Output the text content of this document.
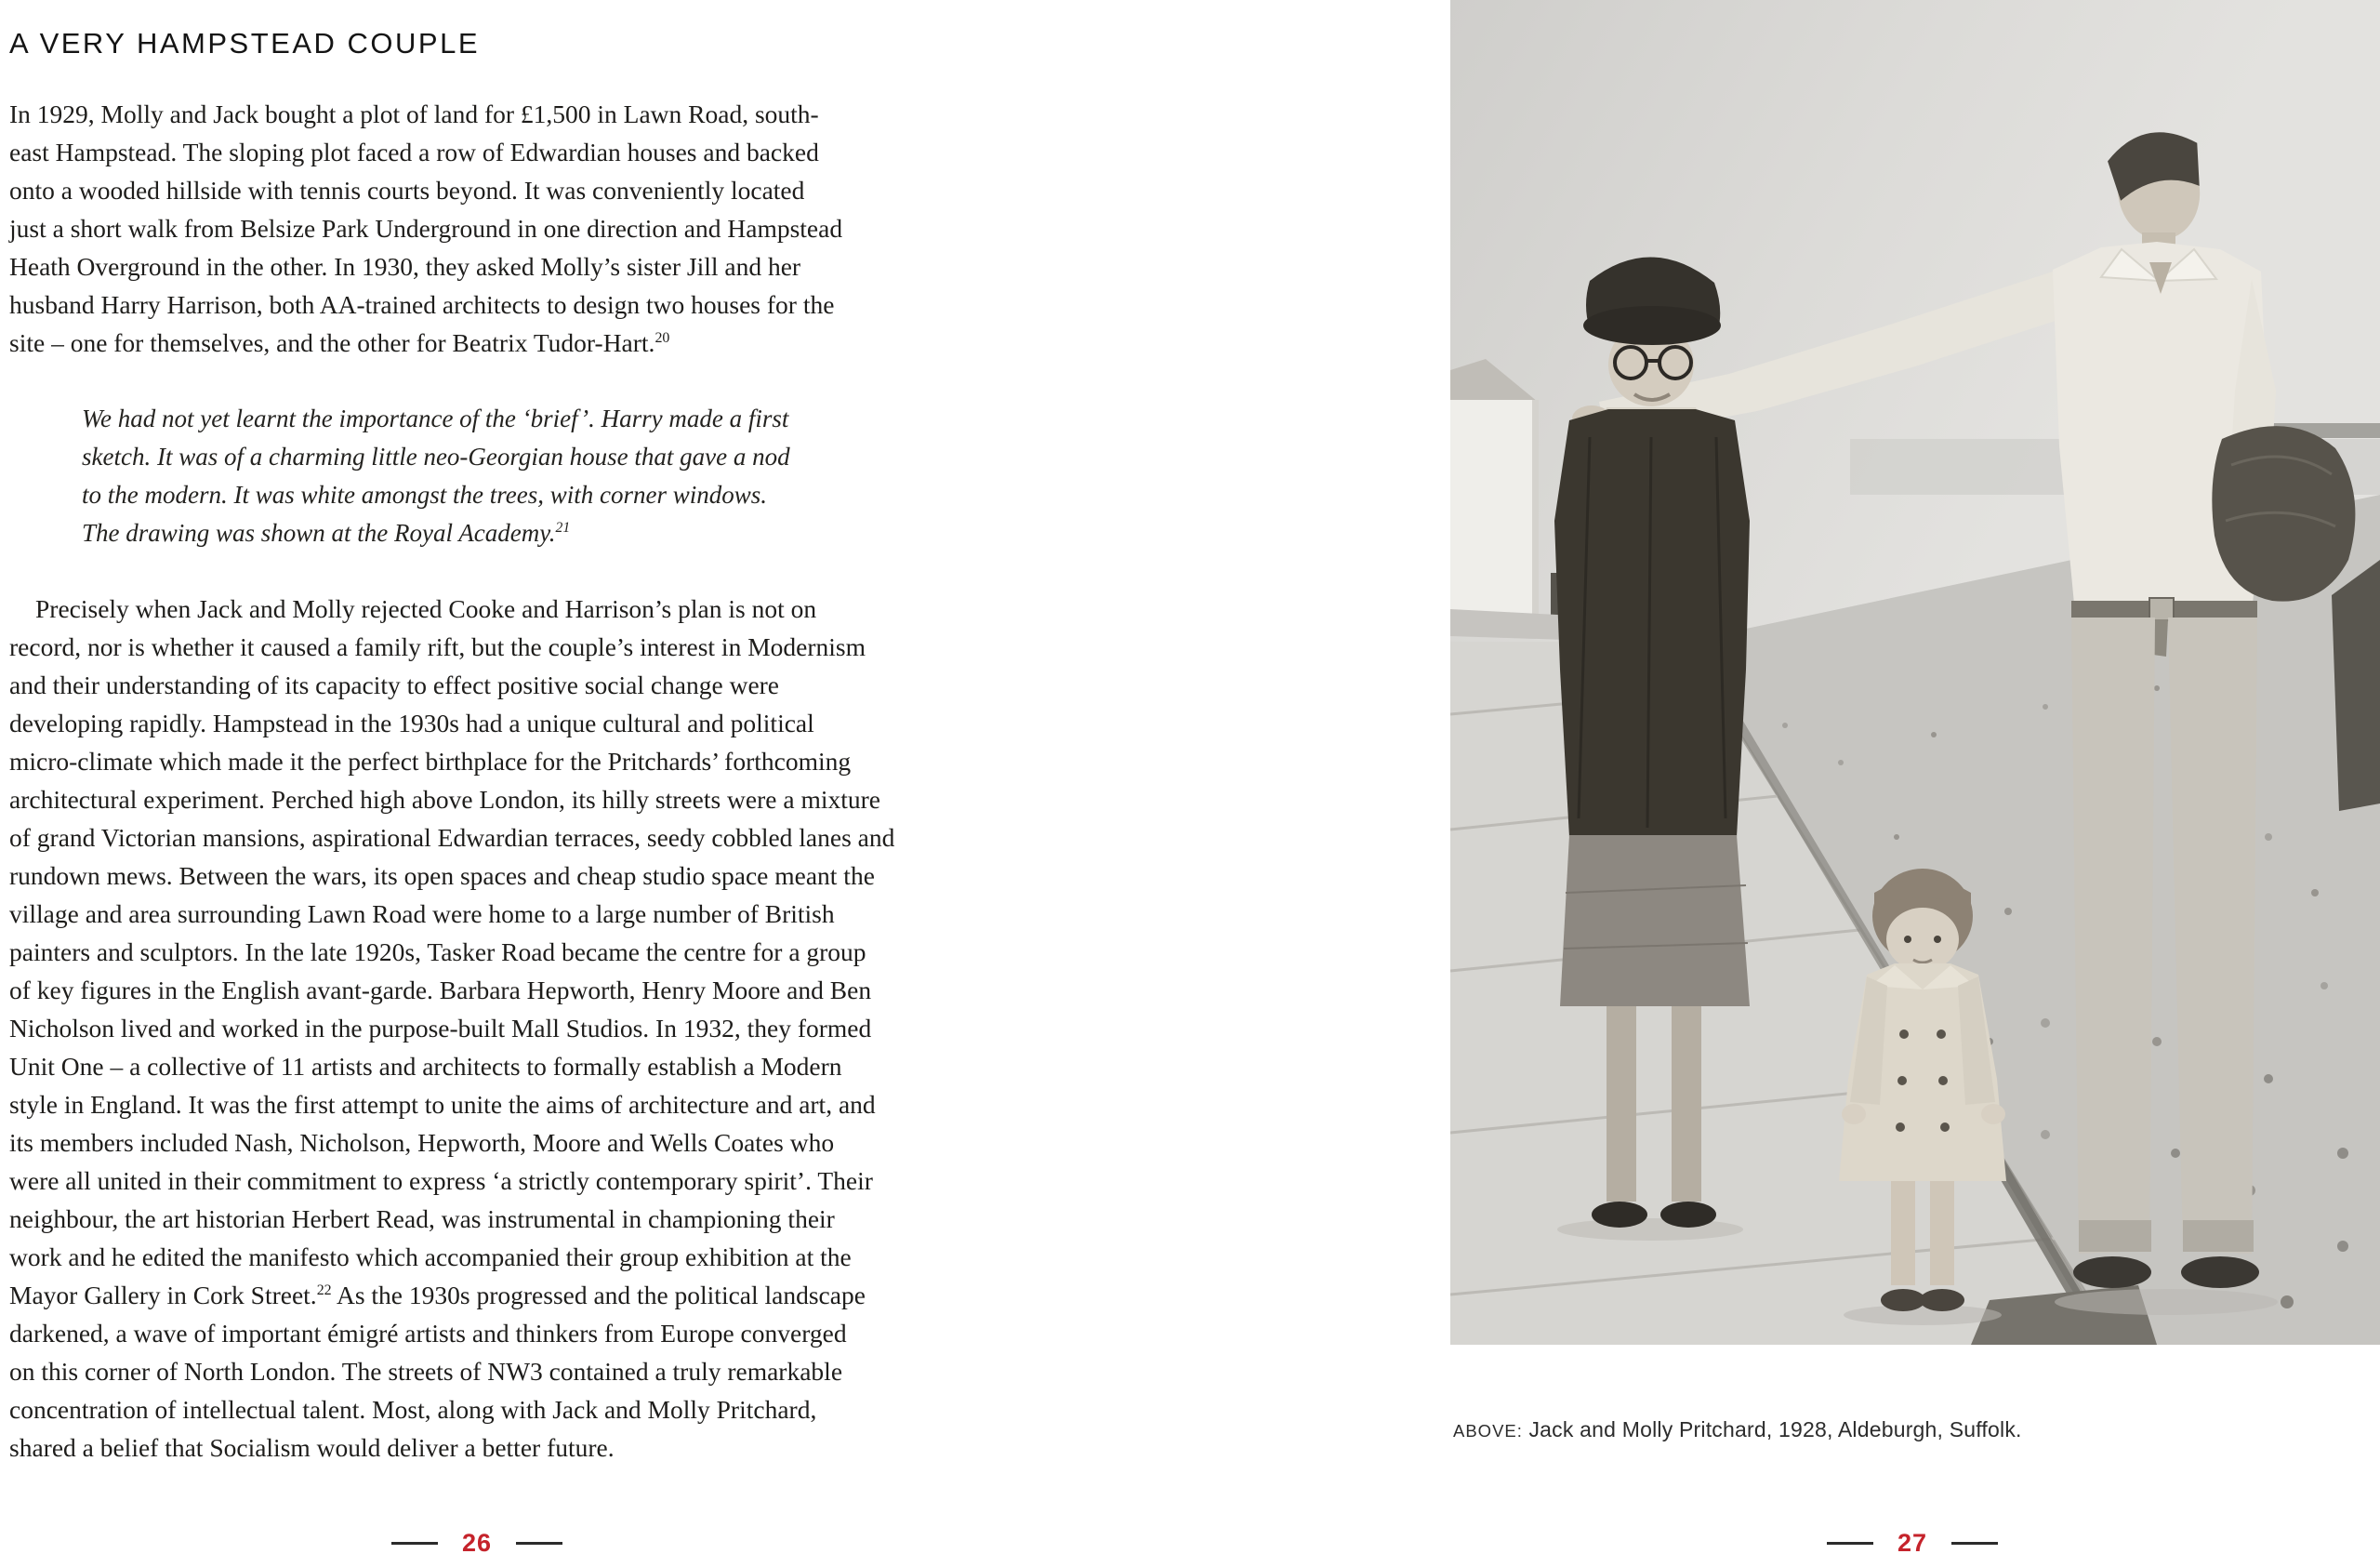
A VERY HAMPSTEAD COUPLE
In 1929, Molly and Jack bought a plot of land for £1,500 in Lawn Road, south-
east Hampstead. The sloping plot faced a row of Edwardian houses and backed
onto a wooded hillside with tennis courts beyond. It was conveniently located
just a short walk from Belsize Park Underground in one direction and Hampstead
Heath Overground in the other. In 1930, they asked Molly’s sister Jill and her
husband Harry Harrison, both AA-trained architects to design two houses for the
site – one for themselves, and the other for Beatrix Tudor-Hart.$^{20}$
We had not yet learnt the importance of the ‘brief’. Harry made a first
sketch. It was of a charming little neo-Georgian house that gave a nod
to the modern. It was white amongst the trees, with corner windows.
The drawing was shown at the Royal Academy.$^{21}$
Precisely when Jack and Molly rejected Cooke and Harrison’s plan is not on
record, nor is whether it caused a family rift, but the couple’s interest in Modernism
and their understanding of its capacity to effect positive social change were
developing rapidly. Hampstead in the 1930s had a unique cultural and political
micro-climate which made it the perfect birthplace for the Pritchards’ forthcoming
architectural experiment. Perched high above London, its hilly streets were a mixture
of grand Victorian mansions, aspirational Edwardian terraces, seedy cobbled lanes and
rundown mews. Between the wars, its open spaces and cheap studio space meant the
village and area surrounding Lawn Road were home to a large number of British
painters and sculptors. In the late 1920s, Tasker Road became the centre for a group
of key figures in the English avant-garde. Barbara Hepworth, Henry Moore and Ben
Nicholson lived and worked in the purpose-built Mall Studios. In 1932, they formed
Unit One – a collective of 11 artists and architects to formally establish a Modern
style in England. It was the first attempt to unite the aims of architecture and art, and
its members included Nash, Nicholson, Hepworth, Moore and Wells Coates who
were all united in their commitment to express ‘a strictly contemporary spirit’. Their
neighbour, the art historian Herbert Read, was instrumental in championing their
work and he edited the manifesto which accompanied their group exhibition at the
Mayor Gallery in Cork Street.$^{22}$ As the 1930s progressed and the political landscape
darkened, a wave of important émigré artists and thinkers from Europe converged
on this corner of North London. The streets of NW3 contained a truly remarkable
concentration of intellectual talent. Most, along with Jack and Molly Pritchard,
shared a belief that Socialism would deliver a better future.
26
ABOVE: Jack and Molly Pritchard, 1928, Aldeburgh, Suffolk.
27
